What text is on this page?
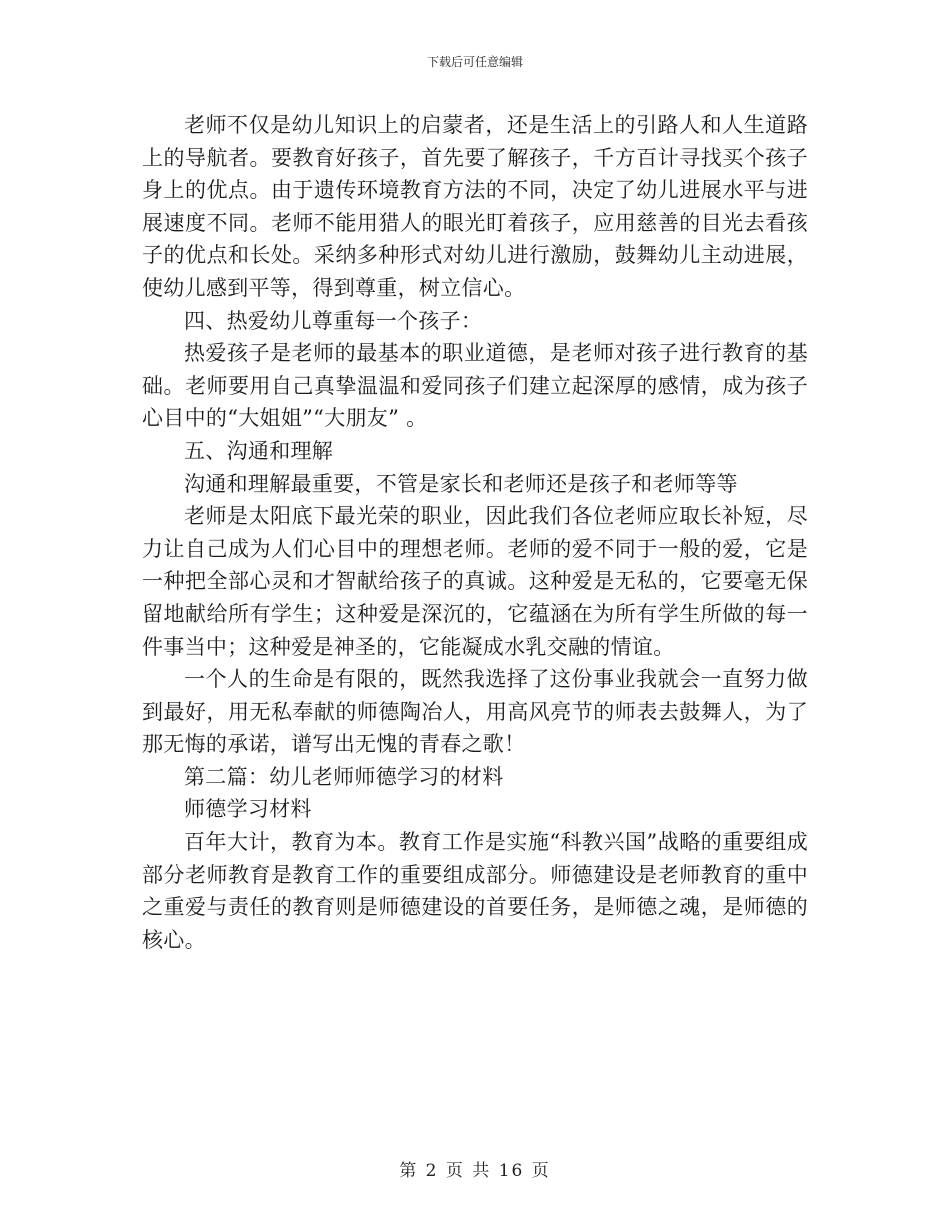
下载后可任意编辑

老师不仅是幼儿知识上的启蒙者，还是生活上的引路人和人生道路上的导航者。要教育好孩子，首先要了解孩子，千方百计寻找买个孩子身上的优点。由于遗传环境教育方法的不同，决定了幼儿进展水平与进展速度不同。老师不能用猎人的眼光盯着孩子，应用慈善的目光去看孩子的优点和长处。采纳多种形式对幼儿进行激励，鼓舞幼儿主动进展，使幼儿感到平等，得到尊重，树立信心。

四、热爱幼儿尊重每一个孩子：

热爱孩子是老师的最基本的职业道德，是老师对孩子进行教育的基础。老师要用自己真挚温温和爱同孩子们建立起深厚的感情，成为孩子心目中的“大姐姐”“大朋友” 。

五、沟通和理解

沟通和理解最重要，不管是家长和老师还是孩子和老师等等

老师是太阳底下最光荣的职业，因此我们各位老师应取长补短，尽力让自己成为人们心目中的理想老师。老师的爱不同于一般的爱，它是一种把全部心灵和才智献给孩子的真诚。这种爱是无私的，它要毫无保留地献给所有学生；这种爱是深沉的，它蕴涵在为所有学生所做的每一件事当中；这种爱是神圣的，它能凝成水乳交融的情谊。

一个人的生命是有限的，既然我选择了这份事业我就会一直努力做到最好，用无私奉献的师德陶冶人，用高风亮节的师表去鼓舞人，为了那无悔的承诺，谱写出无愧的青春之歌！

第二篇：幼儿老师师德学习的材料

师德学习材料

百年大计，教育为本。教育工作是实施“科教兴国”战略的重要组成部分老师教育是教育工作的重要组成部分。师德建设是老师教育的重中之重爱与责任的教育则是师德建设的首要任务，是师德之魂，是师德的核心。

第 2 页 共 16 页
